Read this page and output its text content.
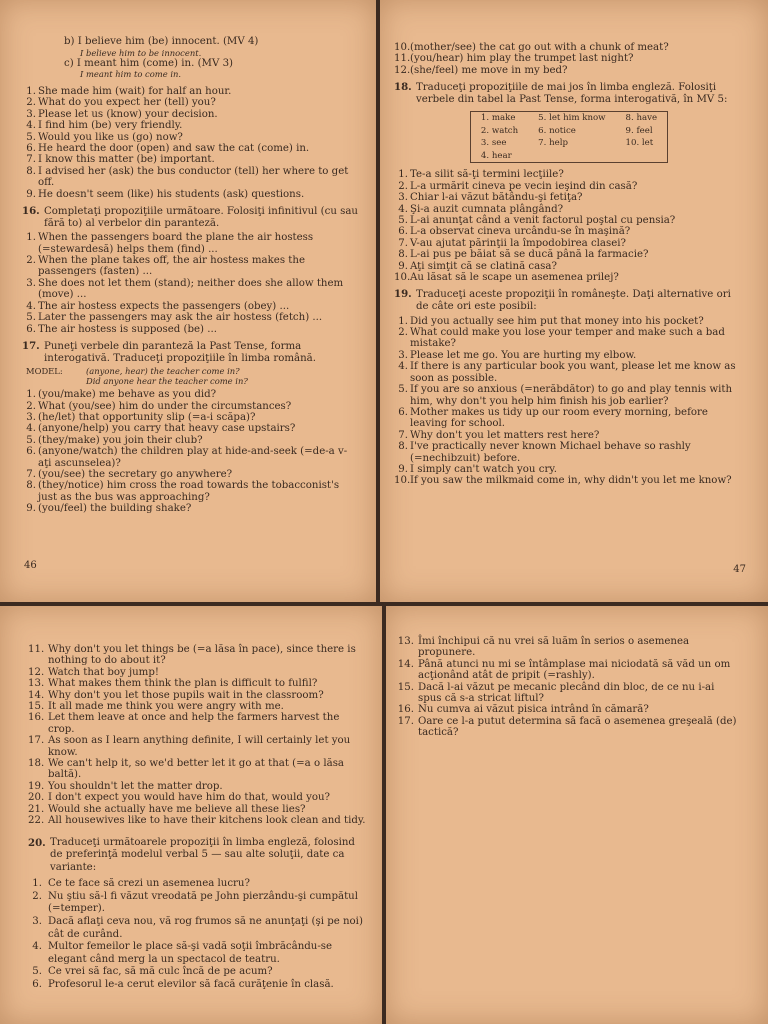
b) I believe him (be) innocent. (MV 4)
I believe him to be innocent.
c) I meant him (come) in. (MV 3)
I meant him to come in.
1. She made him (wait) for half an hour.
2. What do you expect her (tell) you?
3. Please let us (know) your decision.
4. I find him (be) very friendly.
5. Would you like us (go) now?
6. He heard the door (open) and saw the cat (come) in.
7. I know this matter (be) important.
8. I advised her (ask) the bus conductor (tell) her where to get off.
9. He doesn't seem (like) his students (ask) questions.
16. Completaţi propoziţiile următoare. Folosiţi infinitivul (cu sau fără to) al verbelor din paranteză.
1. When the passengers board the plane the air hostess (=stewardesă) helps them (find) ...
2. When the plane takes off, the air hostess makes the passengers (fasten) ...
3. She does not let them (stand); neither does she allow them (move) ...
4. The air hostess expects the passengers (obey) ...
5. Later the passengers may ask the air hostess (fetch) ...
6. The air hostess is supposed (be) ...
17. Puneţi verbele din paranteză la Past Tense, forma interogativă. Traduceţi propoziţiile în limba română.
MODEL:	(anyone, hear) the teacher come in?
Did anyone hear the teacher come in?
1. (you/make) me behave as you did?
2. What (you/see) him do under the circumstances?
3. (he/let) that opportunity slip (=a-i scăpa)?
4. (anyone/help) you carry that heavy case upstairs?
5. (they/make) you join their club?
6. (anyone/watch) the children play at hide-and-seek (=de-a v-aţi ascunselea)?
7. (you/see) the secretary go anywhere?
8. (they/notice) him cross the road towards the tobacconist's just as the bus was approaching?
9. (you/feel) the building shake?
46
10. (mother/see) the cat go out with a chunk of meat?
11. (you/hear) him play the trumpet last night?
12. (she/feel) me move in my bed?
18. Traduceţi propoziţiile de mai jos în limba engleză. Folosiţi verbele din tabel la Past Tense, forma interogativă, în MV 5:
1. make	5. let him know	8. have
2. watch	6. notice	9. feel
3. see	7. help	10. let
4. hear		
1. Te-a silit să-ţi termini lecţiile?
2. L-a urmărit cineva pe vecin ieşind din casă?
3. Chiar l-ai văzut bătându-şi fetiţa?
4. Şi-a auzit cumnata plângând?
5. L-ai anunţat când a venit factorul poştal cu pensia?
6. L-a observat cineva urcându-se în maşină?
7. V-au ajutat părinţii la împodobirea clasei?
8. L-ai pus pe băiat să se ducă până la farmacie?
9. Aţi simţit că se clatină casa?
10. Au lăsat să le scape un asemenea prilej?
19. Traduceţi aceste propoziţii în româneşte. Daţi alternative ori de câte ori este posibil:
1. Did you actually see him put that money into his pocket?
2. What could make you lose your temper and make such a bad mistake?
3. Please let me go. You are hurting my elbow.
4. If there is any particular book you want, please let me know as soon as possible.
5. If you are so anxious (=nerăbdător) to go and play tennis with him, why don't you help him finish his job earlier?
6. Mother makes us tidy up our room every morning, before leaving for school.
7. Why don't you let matters rest here?
8. I've practically never known Michael behave so rashly (=nechibzuit) before.
9. I simply can't watch you cry.
10. If you saw the milkmaid come in, why didn't you let me know?
47
11. Why don't you let things be (=a lăsa în pace), since there is nothing to do about it?
12. Watch that boy jump!
13. What makes them think the plan is difficult to fulfil?
14. Why don't you let those pupils wait in the classroom?
15. It all made me think you were angry with me.
16. Let them leave at once and help the farmers harvest the crop.
17. As soon as I learn anything definite, I will certainly let you know.
18. We can't help it, so we'd better let it go at that (=a o lăsa baltă).
19. You shouldn't let the matter drop.
20. I don't expect you would have him do that, would you?
21. Would she actually have me believe all these lies?
22. All housewives like to have their kitchens look clean and tidy.
20. Traduceţi următoarele propoziţii în limba engleză, folosind de preferinţă modelul verbal 5 — sau alte soluţii, date ca variante:
1. Ce te face să crezi un asemenea lucru?
2. Nu ştiu să-l fi văzut vreodată pe John pierzându-şi cumpătul (=temper).
3. Dacă aflaţi ceva nou, vă rog frumos să ne anunţaţi (şi pe noi) cât de curând.
4. Multor femeilor le place să-şi vadă soţii îmbrăcându-se elegant când merg la un spectacol de teatru.
5. Ce vrei să fac, să mă culc încă de pe acum?
6. Profesorul le-a cerut elevilor să facă curăţenie în clasă.
13. Îmi închipui că nu vrei să luăm în serios o asemenea propunere.
14. Până atunci nu mi se întâmplase mai niciodată să văd un om acţionând atât de pripit (=rashly).
15. Dacă l-ai văzut pe mecanic plecând din bloc, de ce nu i-ai spus că s-a stricat liftul?
16. Nu cumva ai văzut pisica intrând în cămară?
17. Oare ce l-a putut determina să facă o asemenea greşeală (de) tactică?
